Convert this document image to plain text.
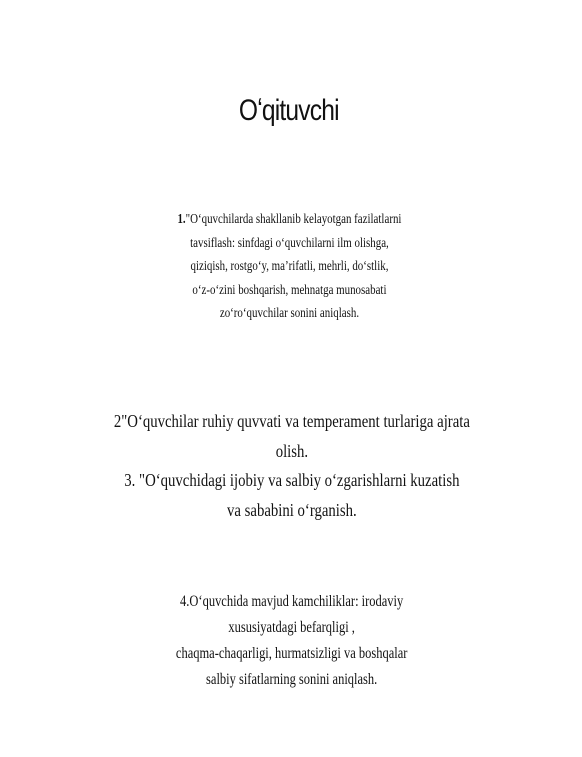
Oʻqituvchi
1."Oʻquvchilarda shakllanib kelayotgan fazilatlarni
tavsiflash: sinfdagi oʻquvchilarni ilm olishga,
qiziqish, rostgoʻy, maʼrifatli, mehrli, doʻstlik,
oʻz-oʻzini boshqarish, mehnatga munosabati
zoʻroʻquvchilar sonini aniqlash.
2"Oʻquvchilar ruhiy quvvati va temperament turlariga ajrata
olish.
3. "Oʻquvchidagi ijobiy va salbiy oʻzgarishlarni kuzatish
va sababini oʻrganish.
4.Oʻquvchida mavjud kamchiliklar: irodaviy
xususiyatdagi befarqligi ,
chaqma-chaqarligi, hurmatsizligi va boshqalar
salbiy sifatlarning sonini aniqlash.
